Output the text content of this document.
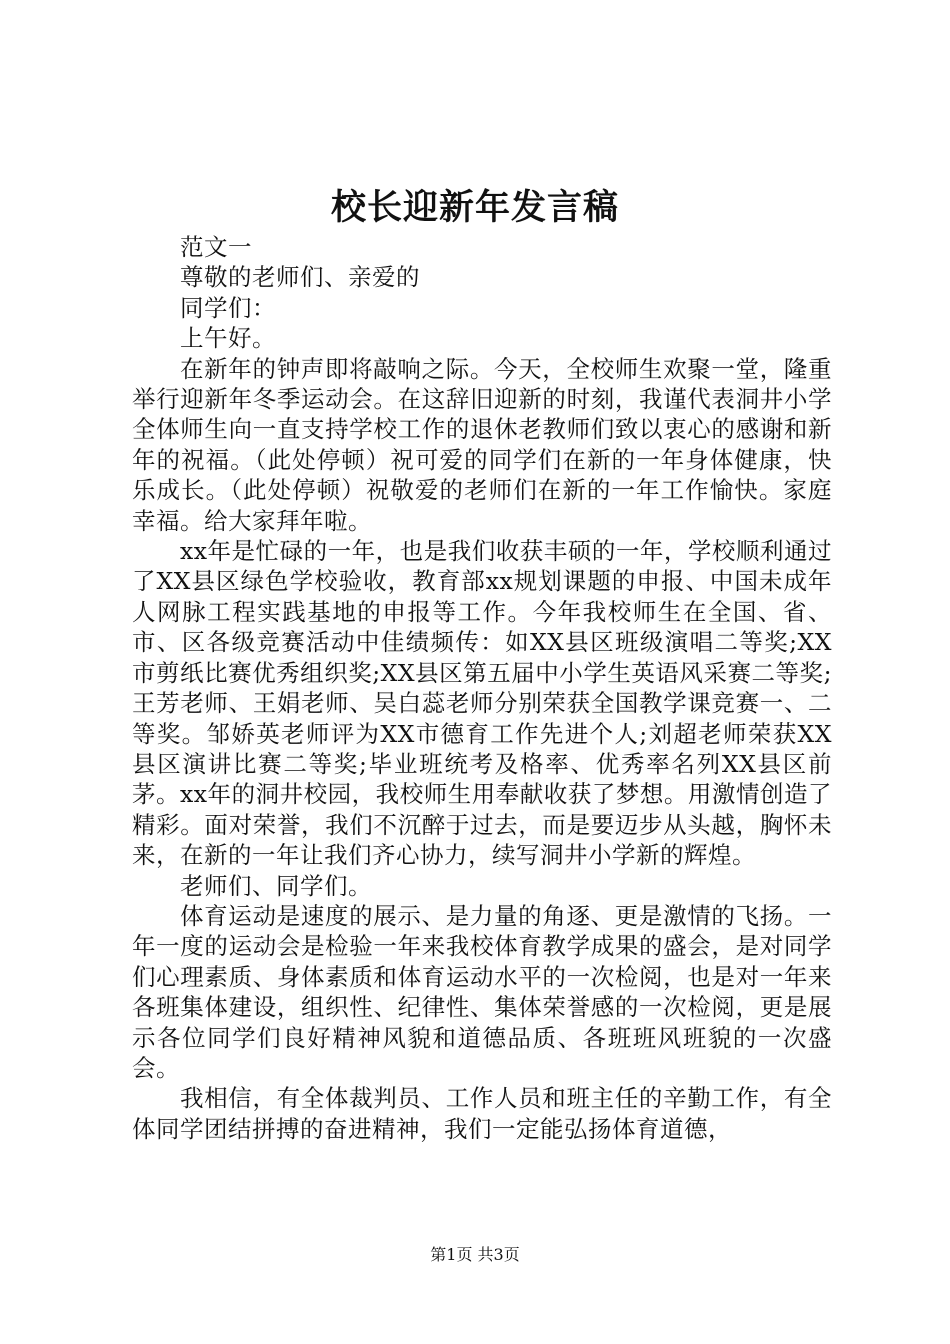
校长迎新年发言稿

范文一

尊敬的老师们、亲爱的

同学们：

上午好。

在新年的钟声即将敲响之际。今天，全校师生欢聚一堂，隆重举行迎新年冬季运动会。在这辞旧迎新的时刻，我谨代表洞井小学全体师生向一直支持学校工作的退休老教师们致以衷心的感谢和新年的祝福。（此处停顿）祝可爱的同学们在新的一年身体健康，快乐成长。（此处停顿）祝敬爱的老师们在新的一年工作愉快。家庭幸福。给大家拜年啦。

xx年是忙碌的一年，也是我们收获丰硕的一年，学校顺利通过了XX县区绿色学校验收，教育部xx规划课题的申报、中国未成年人网脉工程实践基地的申报等工作。今年我校师生在全国、省、市、区各级竞赛活动中佳绩频传：如XX县区班级演唱二等奖;XX市剪纸比赛优秀组织奖;XX县区第五届中小学生英语风采赛二等奖;王芳老师、王娟老师、吴白蕊老师分别荣获全国教学课竞赛一、二等奖。邹娇英老师评为XX市德育工作先进个人;刘超老师荣获XX县区演讲比赛二等奖;毕业班统考及格率、优秀率名列XX县区前茅。xx年的洞井校园，我校师生用奉献收获了梦想。用激情创造了精彩。面对荣誉，我们不沉醉于过去，而是要迈步从头越，胸怀未来，在新的一年让我们齐心协力，续写洞井小学新的辉煌。

老师们、同学们。

体育运动是速度的展示、是力量的角逐、更是激情的飞扬。一年一度的运动会是检验一年来我校体育教学成果的盛会，是对同学们心理素质、身体素质和体育运动水平的一次检阅，也是对一年来各班集体建设，组织性、纪律性、集体荣誉感的一次检阅，更是展示各位同学们良好精神风貌和道德品质、各班班风班貌的一次盛会。

我相信，有全体裁判员、工作人员和班主任的辛勤工作，有全体同学团结拼搏的奋进精神，我们一定能弘扬体育道德，

第1页 共3页
